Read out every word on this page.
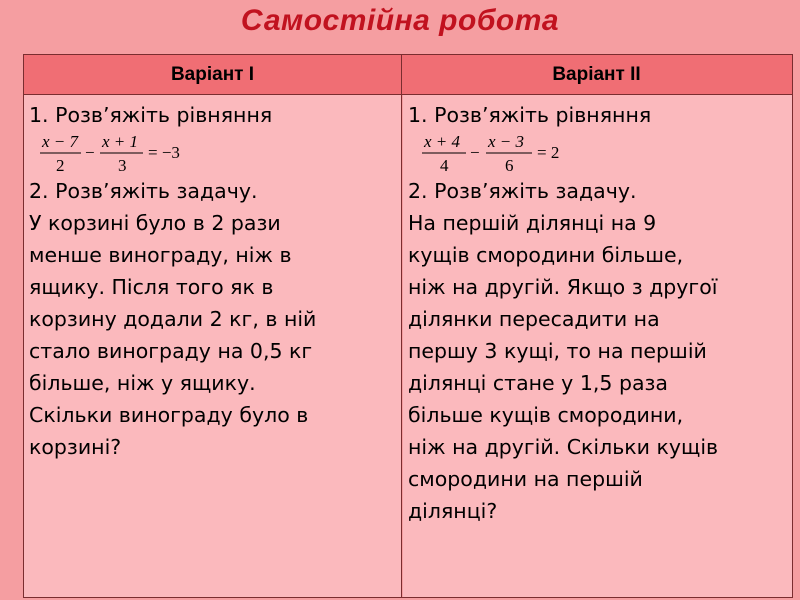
Самостійна робота
Варіант I	Варіант II
1. Розв’яжіть рівняння
x − 7
2
−
x + 1
3
= −3
2. Розв’яжіть задачу.
У корзині було в 2 рази
менше винограду, ніж в
ящику. Після того як в
корзину додали 2 кг, в ній
стало винограду на 0,5 кг
більше, ніж у ящику.
Скільки винограду було в
корзині?
1. Розв’яжіть рівняння
x + 4
4
−
x − 3
6
= 2
2. Розв’яжіть задачу.
На першій ділянці на 9
кущів смородини більше,
ніж на другій. Якщо з другої
ділянки пересадити на
першу 3 кущі, то на першій
ділянці стане у 1,5 раза
більше кущів смородини,
ніж на другій. Скільки кущів
смородини на першій
ділянці?
